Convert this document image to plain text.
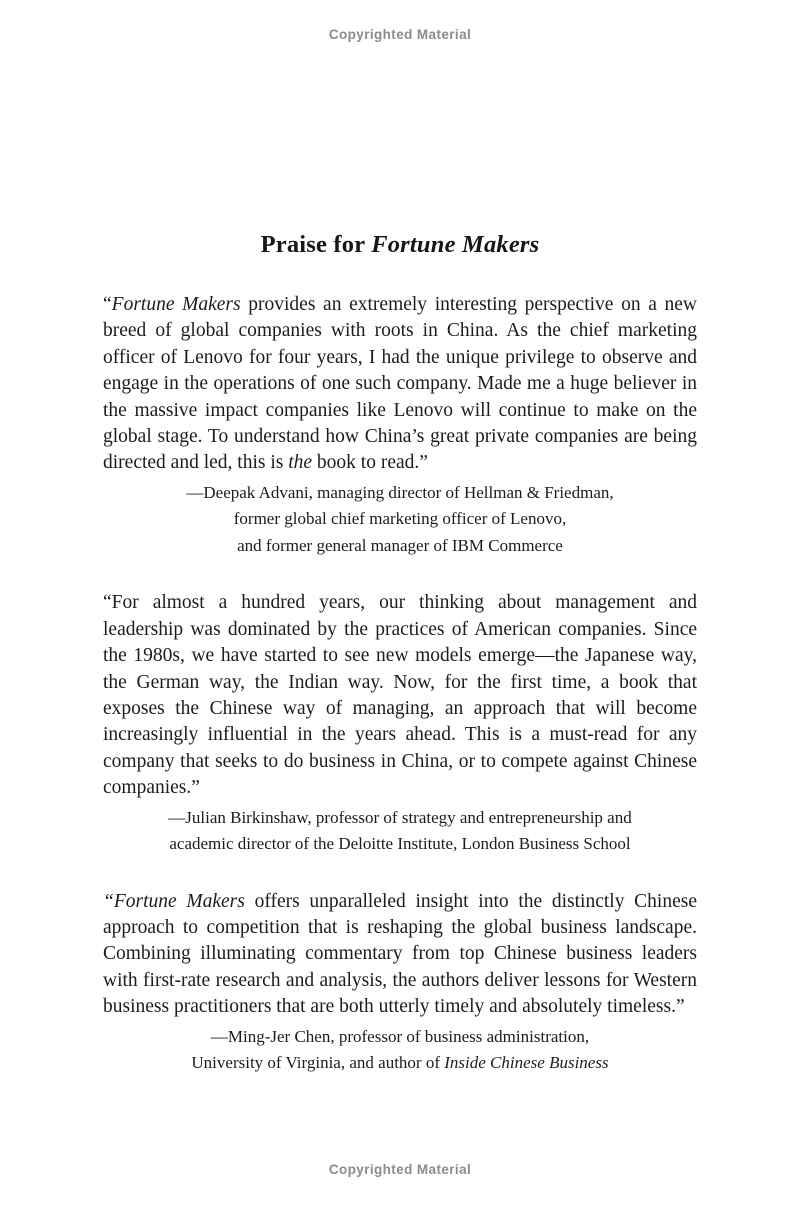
Copyrighted Material
Praise for Fortune Makers

“Fortune Makers provides an extremely interesting perspective on a new breed of global companies with roots in China. As the chief marketing officer of Lenovo for four years, I had the unique privilege to observe and engage in the operations of one such company. Made me a huge believer in the massive impact companies like Lenovo will continue to make on the global stage. To understand how China’s great private companies are being directed and led, this is the book to read.”

—Deepak Advani, managing director of Hellman & Friedman,
former global chief marketing officer of Lenovo,
and former general manager of IBM Commerce

“For almost a hundred years, our thinking about management and leadership was dominated by the practices of American companies. Since the 1980s, we have started to see new models emerge—the Japanese way, the German way, the Indian way. Now, for the first time, a book that exposes the Chinese way of managing, an approach that will become increasingly influential in the years ahead. This is a must-read for any company that seeks to do business in China, or to compete against Chinese companies.”

—Julian Birkinshaw, professor of strategy and entrepreneurship and
academic director of the Deloitte Institute, London Business School

“Fortune Makers offers unparalleled insight into the distinctly Chinese approach to competition that is reshaping the global business landscape. Combining illuminating commentary from top Chinese business leaders with first-rate research and analysis, the authors deliver lessons for Western business practitioners that are both utterly timely and absolutely timeless.”

—Ming-Jer Chen, professor of business administration,
University of Virginia, and author of Inside Chinese Business
Copyrighted Material
